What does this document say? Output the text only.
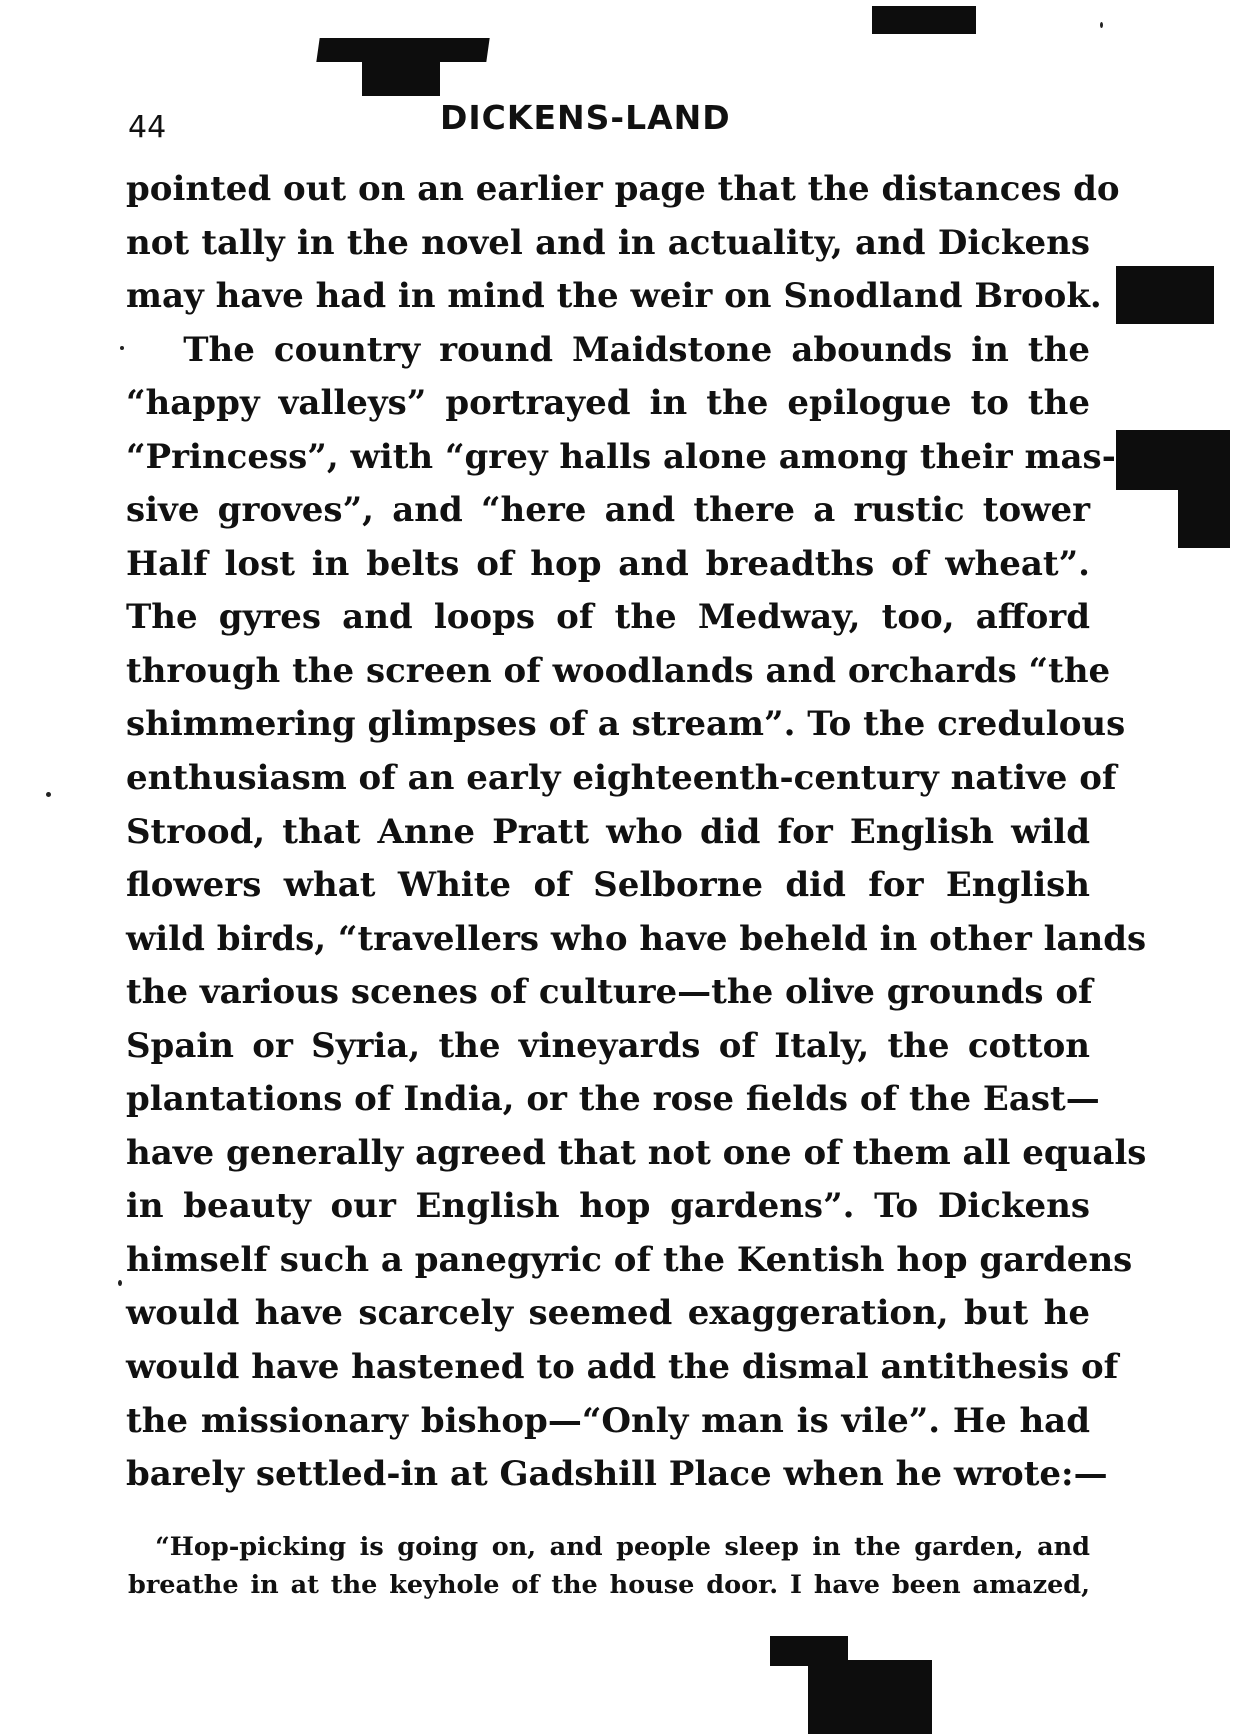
44	DICKENS-LAND
pointed out on an earlier page that the distances do
not tally in the novel and in actuality, and Dickens
may have had in mind the weir on Snodland Brook.
The country round Maidstone abounds in the
“happy valleys” portrayed in the epilogue to the
“Princess”, with “grey halls alone among their mas-
sive groves”, and “here and there a rustic tower
Half lost in belts of hop and breadths of wheat”.
The gyres and loops of the Medway, too, afford
through the screen of woodlands and orchards “the
shimmering glimpses of a stream”. To the credulous
enthusiasm of an early eighteenth-century native of
Strood, that Anne Pratt who did for English wild
flowers what White of Selborne did for English
wild birds, “travellers who have beheld in other lands
the various scenes of culture—the olive grounds of
Spain or Syria, the vineyards of Italy, the cotton
plantations of India, or the rose fields of the East—
have generally agreed that not one of them all equals
in beauty our English hop gardens”. To Dickens
himself such a panegyric of the Kentish hop gardens
would have scarcely seemed exaggeration, but he
would have hastened to add the dismal antithesis of
the missionary bishop—“Only man is vile”. He had
barely settled-in at Gadshill Place when he wrote:—
“Hop-picking is going on, and people sleep in the garden, and
breathe in at the keyhole of the house door. I have been amazed,
